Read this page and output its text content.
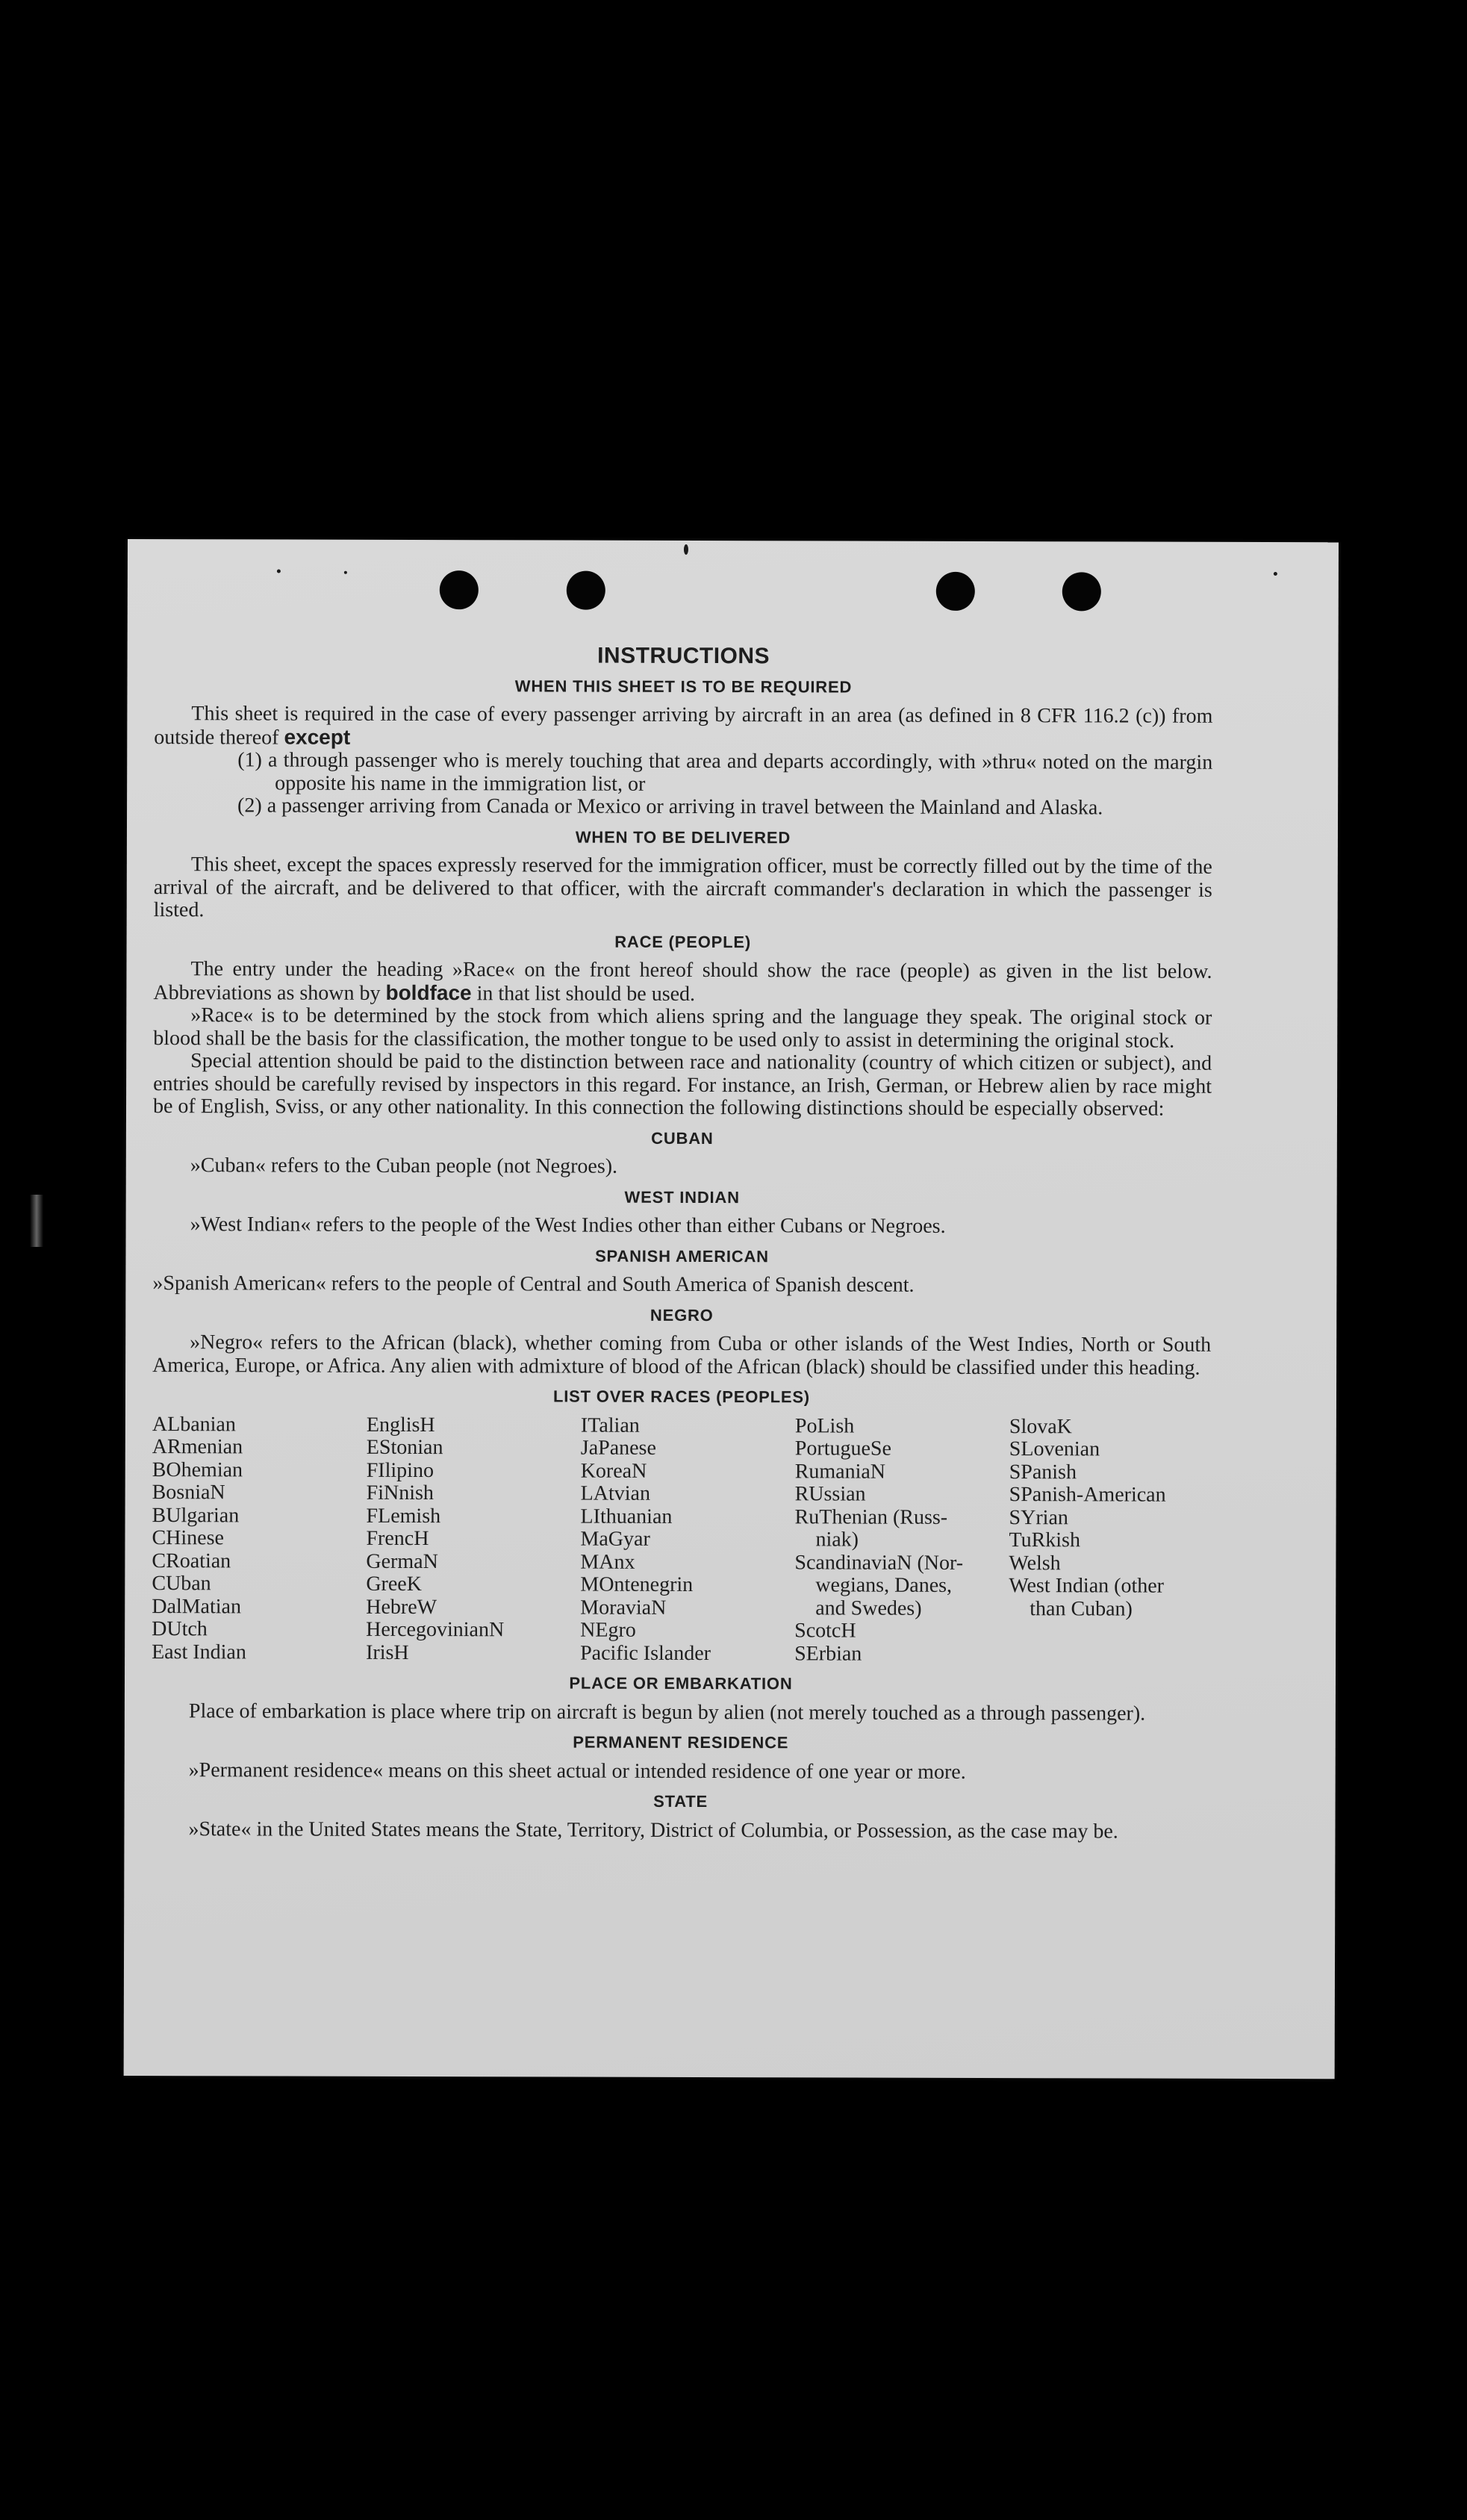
INSTRUCTIONS
WHEN THIS SHEET IS TO BE REQUIRED

This sheet is required in the case of every passenger arriving by aircraft in an area (as defined in 8 CFR 116.2 (c)) from outside thereof except

(1) a through passenger who is merely touching that area and departs accordingly, with »thru« noted on the margin opposite his name in the immigration list, or

(2) a passenger arriving from Canada or Mexico or arriving in travel between the Mainland and Alaska.

WHEN TO BE DELIVERED

This sheet, except the spaces expressly reserved for the immigration officer, must be correctly filled out by the time of the arrival of the aircraft, and be delivered to that officer, with the aircraft commander's declaration in which the passenger is listed.

RACE (PEOPLE)

The entry under the heading »Race« on the front hereof should show the race (people) as given in the list below. Abbreviations as shown by boldface in that list should be used.

»Race« is to be determined by the stock from which aliens spring and the language they speak. The original stock or blood shall be the basis for the classification, the mother tongue to be used only to assist in determining the original stock.

Special attention should be paid to the distinction between race and nationality (country of which citizen or subject), and entries should be carefully revised by inspectors in this regard. For instance, an Irish, German, or Hebrew alien by race might be of English, Sviss, or any other nationality. In this connection the following distinctions should be especially observed:

CUBAN

»Cuban« refers to the Cuban people (not Negroes).

WEST INDIAN

»West Indian« refers to the people of the West Indies other than either Cubans or Negroes.

SPANISH AMERICAN

»Spanish American« refers to the people of Central and South America of Spanish descent.

NEGRO

»Negro« refers to the African (black), whether coming from Cuba or other islands of the West Indies, North or South America, Europe, or Africa. Any alien with admixture of blood of the African (black) should be classified under this heading.

LIST OVER RACES (PEOPLES)
ALbanian
ARmenian
BOhemian
BosniaN
BUlgarian
CHinese
CRoatian
CUban
DalMatian
DUtch
East Indian
EnglisH
EStonian
FIlipino
FiNnish
FLemish
FrencH
GermaN
GreeK
HebreW
HercegovinianN
IrisH
ITalian
JaPanese
KoreaN
LAtvian
LIthuanian
MaGyar
MAnx
MOntenegrin
MoraviaN
NEgro
Pacific Islander
PoLish
PortugueSe
RumaniaN
RUssian
RuThenian (Russ-
niak)
ScandinaviaN (Nor-
wegians, Danes,
and Swedes)
ScotcH
SErbian
SlovaK
SLovenian
SPanish
SPanish-American
SYrian
TuRkish
Welsh
West Indian (other
than Cuban)
PLACE OR EMBARKATION

Place of embarkation is place where trip on aircraft is begun by alien (not merely touched as a through passenger).

PERMANENT RESIDENCE

»Permanent residence« means on this sheet actual or intended residence of one year or more.

STATE

»State« in the United States means the State, Territory, District of Columbia, or Possession, as the case may be.
